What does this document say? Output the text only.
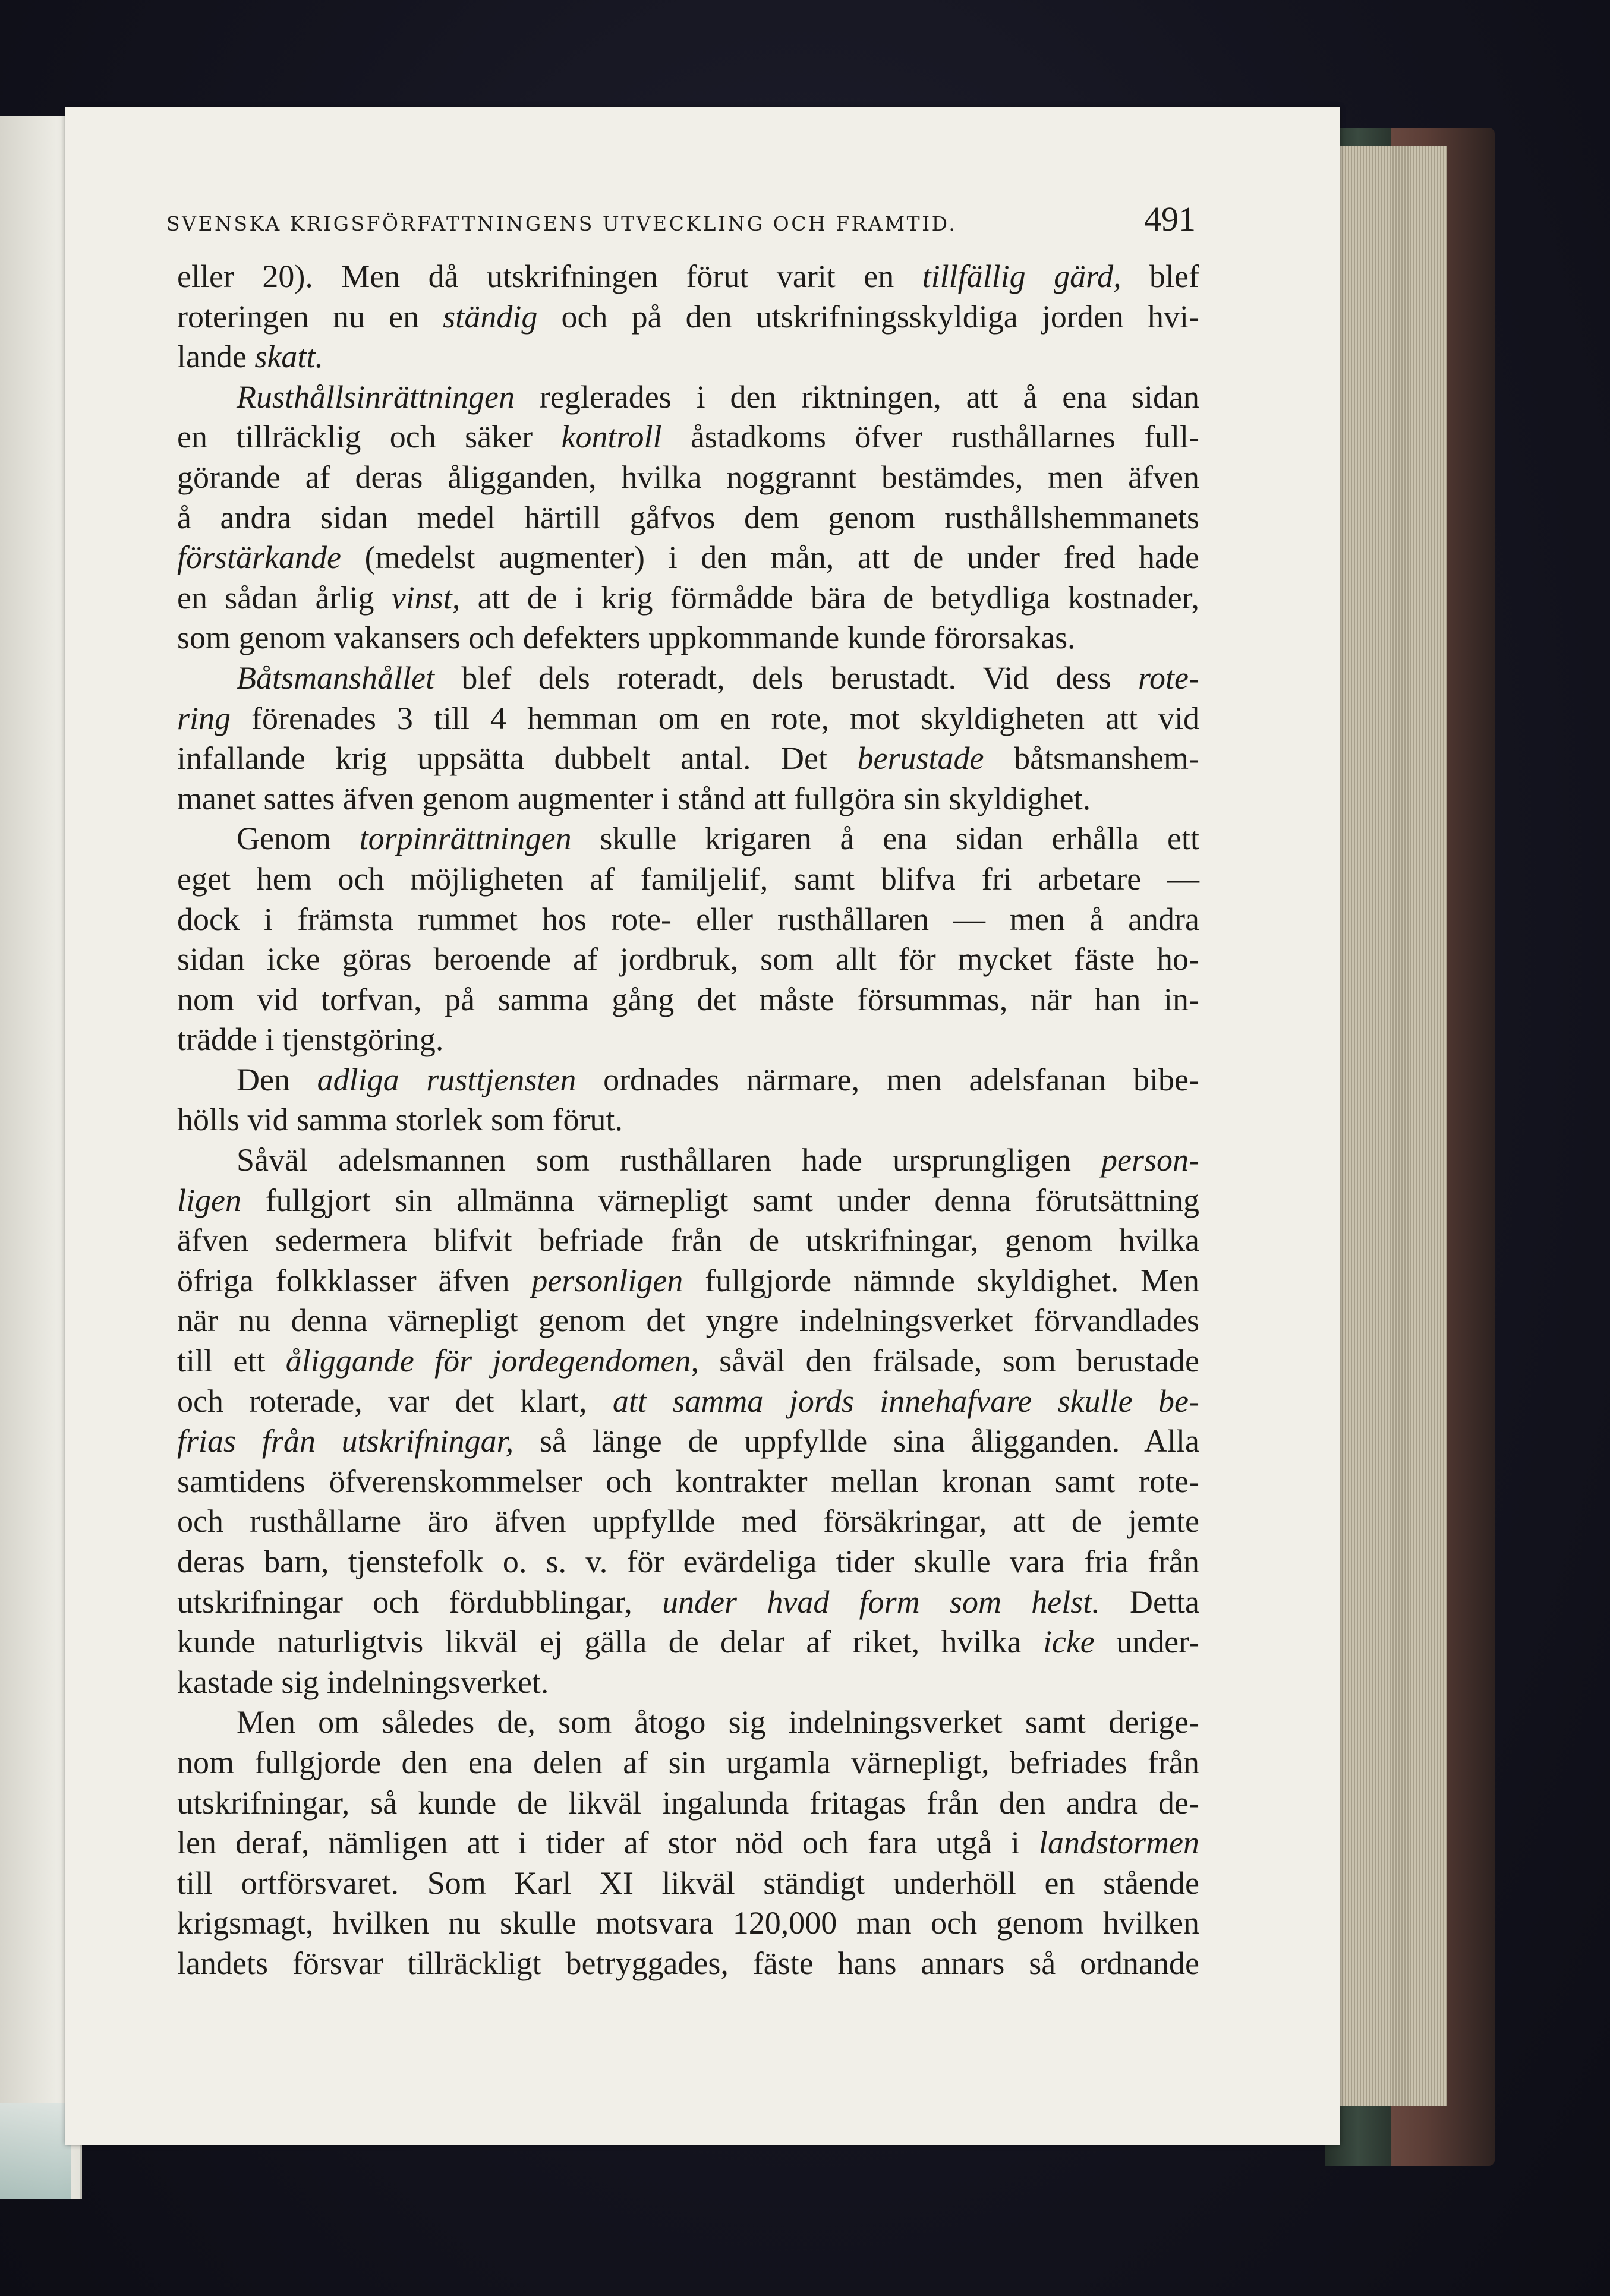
SVENSKA KRIGSFÖRFATTNINGENS UTVECKLING OCH FRAMTID.	491
eller 20). Men då utskrifningen förut varit en tillfällig gärd, blef
roteringen nu en ständig och på den utskrifningsskyldiga jorden hvi-
lande skatt.
Rusthållsinrättningen reglerades i den riktningen, att å ena sidan
en tillräcklig och säker kontroll åstadkoms öfver rusthållarnes full-
görande af deras åligganden, hvilka noggrannt bestämdes, men äfven
å andra sidan medel härtill gåfvos dem genom rusthållshemmanets
förstärkande (medelst augmenter) i den mån, att de under fred hade
en sådan årlig vinst, att de i krig förmådde bära de betydliga kostnader,
som genom vakansers och defekters uppkommande kunde förorsakas.
Båtsmanshållet blef dels roteradt, dels berustadt. Vid dess rote-
ring förenades 3 till 4 hemman om en rote, mot skyldigheten att vid
infallande krig uppsätta dubbelt antal. Det berustade båtsmanshem-
manet sattes äfven genom augmenter i stånd att fullgöra sin skyldighet.
Genom torpinrättningen skulle krigaren å ena sidan erhålla ett
eget hem och möjligheten af familjelif, samt blifva fri arbetare —
dock i främsta rummet hos rote- eller rusthållaren — men å andra
sidan icke göras beroende af jordbruk, som allt för mycket fäste ho-
nom vid torfvan, på samma gång det måste försummas, när han in-
trädde i tjenstgöring.
Den adliga rusttjensten ordnades närmare, men adelsfanan bibe-
hölls vid samma storlek som förut.
Såväl adelsmannen som rusthållaren hade ursprungligen person-
ligen fullgjort sin allmänna värnepligt samt under denna förutsättning
äfven sedermera blifvit befriade från de utskrifningar, genom hvilka
öfriga folkklasser äfven personligen fullgjorde nämnde skyldighet. Men
när nu denna värnepligt genom det yngre indelningsverket förvandlades
till ett åliggande för jordegendomen, såväl den frälsade, som berustade
och roterade, var det klart, att samma jords innehafvare skulle be-
frias från utskrifningar, så länge de uppfyllde sina åligganden. Alla
samtidens öfverenskommelser och kontrakter mellan kronan samt rote-
och rusthållarne äro äfven uppfyllde med försäkringar, att de jemte
deras barn, tjenstefolk o. s. v. för evärdeliga tider skulle vara fria från
utskrifningar och fördubblingar, under hvad form som helst. Detta
kunde naturligtvis likväl ej gälla de delar af riket, hvilka icke under-
kastade sig indelningsverket.
Men om således de, som åtogo sig indelningsverket samt derige-
nom fullgjorde den ena delen af sin urgamla värnepligt, befriades från
utskrifningar, så kunde de likväl ingalunda fritagas från den andra de-
len deraf, nämligen att i tider af stor nöd och fara utgå i landstormen
till ortförsvaret. Som Karl XI likväl ständigt underhöll en stående
krigsmagt, hvilken nu skulle motsvara 120,000 man och genom hvilken
landets försvar tillräckligt betryggades, fäste hans annars så ordnande
